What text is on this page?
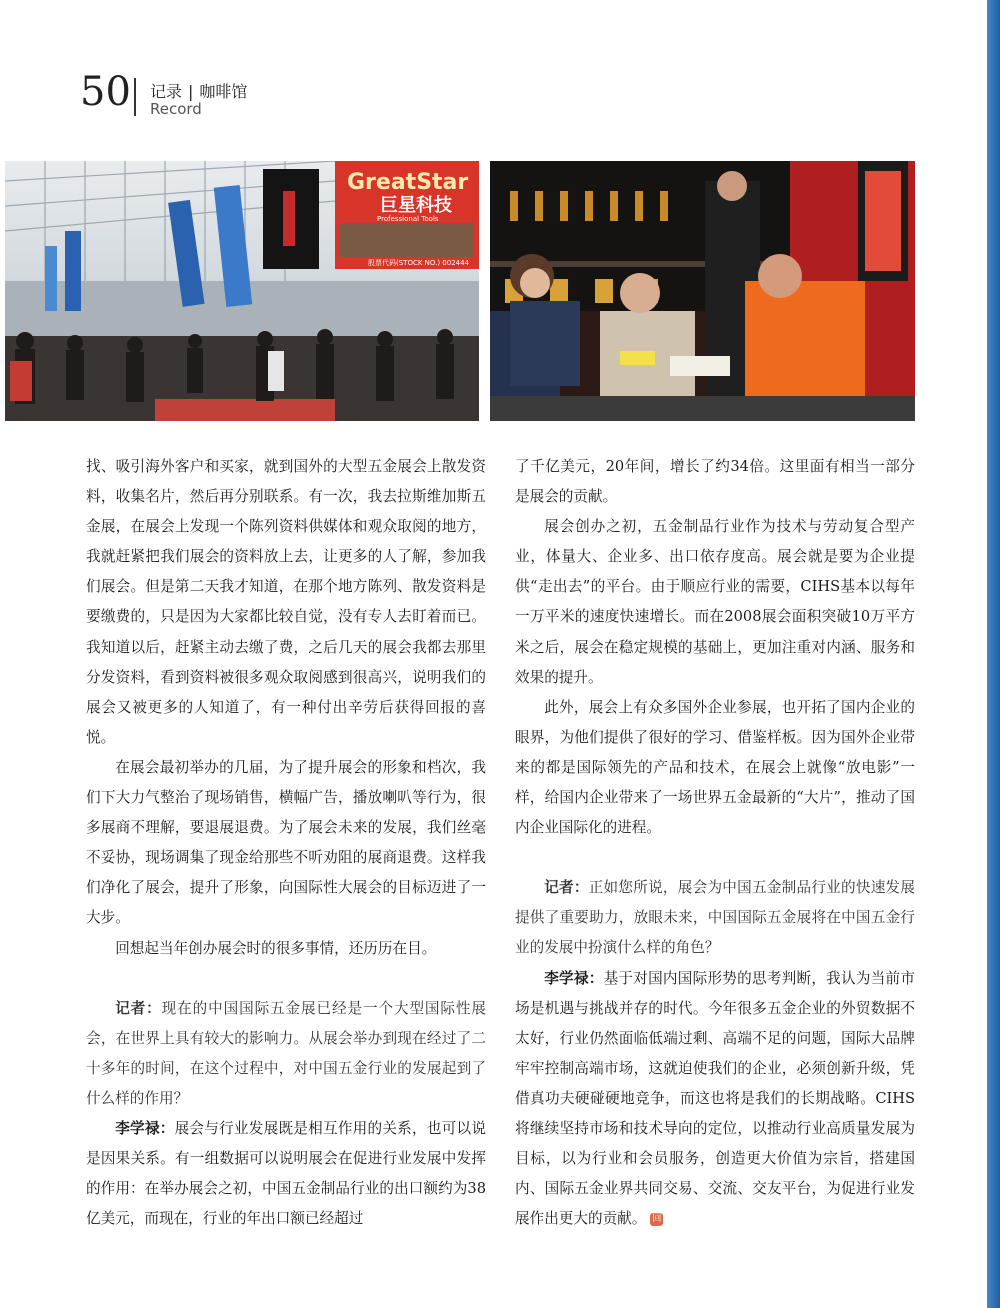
50 记录 | 咖啡馆
Record
GreatStar
巨星科技
Professional Tools
股票代码(STOCK NO.) 002444

找、吸引海外客户和买家，就到国外的大型五金展会上散发资料，收集名片，然后再分别联系。有一次，我去拉斯维加斯五金展，在展会上发现一个陈列资料供媒体和观众取阅的地方，我就赶紧把我们展会的资料放上去，让更多的人了解，参加我们展会。但是第二天我才知道，在那个地方陈列、散发资料是要缴费的，只是因为大家都比较自觉，没有专人去盯着而已。我知道以后，赶紧主动去缴了费，之后几天的展会我都去那里分发资料，看到资料被很多观众取阅感到很高兴，说明我们的展会又被更多的人知道了，有一种付出辛劳后获得回报的喜悦。

在展会最初举办的几届，为了提升展会的形象和档次，我们下大力气整治了现场销售，横幅广告，播放喇叭等行为，很多展商不理解，要退展退费。为了展会未来的发展，我们丝毫不妥协，现场调集了现金给那些不听劝阻的展商退费。这样我们净化了展会，提升了形象，向国际性大展会的目标迈进了一大步。

回想起当年创办展会时的很多事情，还历历在目。

记者：现在的中国国际五金展已经是一个大型国际性展会，在世界上具有较大的影响力。从展会举办到现在经过了二十多年的时间，在这个过程中，对中国五金行业的发展起到了什么样的作用？

李学禄：展会与行业发展既是相互作用的关系，也可以说是因果关系。有一组数据可以说明展会在促进行业发展中发挥的作用：在举办展会之初，中国五金制品行业的出口额约为38亿美元，而现在，行业的年出口额已经超过

了千亿美元，20年间，增长了约34倍。这里面有相当一部分是展会的贡献。

展会创办之初，五金制品行业作为技术与劳动复合型产业，体量大、企业多、出口依存度高。展会就是要为企业提供“走出去”的平台。由于顺应行业的需要，CIHS基本以每年一万平米的速度快速增长。而在2008展会面积突破10万平方米之后，展会在稳定规模的基础上，更加注重对内涵、服务和效果的提升。

此外，展会上有众多国外企业参展，也开拓了国内企业的眼界，为他们提供了很好的学习、借鉴样板。因为国外企业带来的都是国际领先的产品和技术，在展会上就像“放电影”一样，给国内企业带来了一场世界五金最新的“大片”，推动了国内企业国际化的进程。

记者：正如您所说，展会为中国五金制品行业的快速发展提供了重要助力，放眼未来，中国国际五金展将在中国五金行业的发展中扮演什么样的角色？

李学禄：基于对国内国际形势的思考判断，我认为当前市场是机遇与挑战并存的时代。今年很多五金企业的外贸数据不太好，行业仍然面临低端过剩、高端不足的问题，国际大品牌牢牢控制高端市场，这就迫使我们的企业，必须创新升级，凭借真功夫硬碰硬地竞争，而这也将是我们的长期战略。CIHS将继续坚持市场和技术导向的定位，以推动行业高质量发展为目标，以为行业和会员服务，创造更大价值为宗旨，搭建国内、国际五金业界共同交易、交流、交友平台，为促进行业发展作出更大的贡献。 回
